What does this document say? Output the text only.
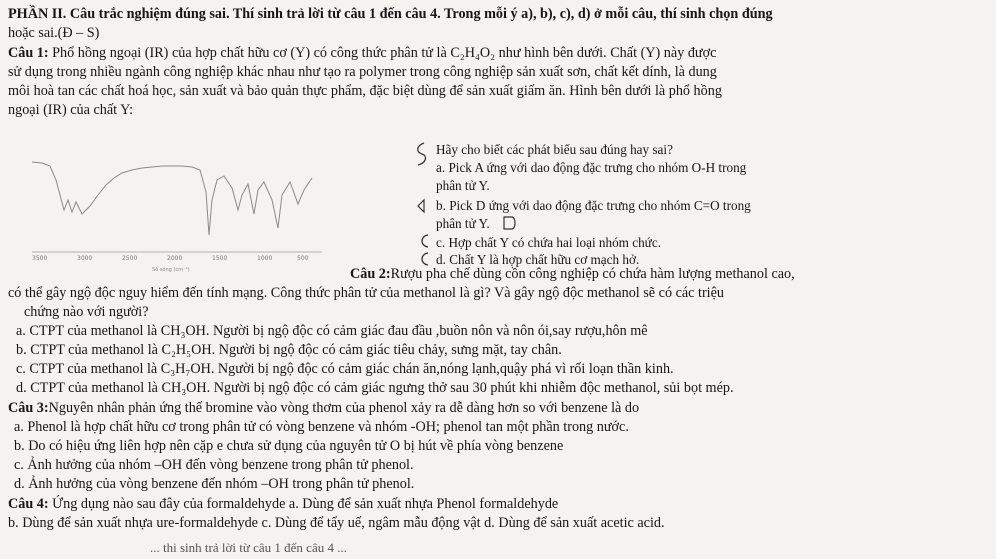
PHẦN II. Câu trắc nghiệm đúng sai. Thí sinh trả lời từ câu 1 đến câu 4. Trong mỗi ý a), b), c), d) ở mỗi câu, thí sinh chọn đúng
hoặc sai.(Đ – S)
Câu 1: Phổ hồng ngoại (IR) của hợp chất hữu cơ (Y) có công thức phân tử là C₂H₄O₂ như hình bên dưới. Chất (Y) này được
sử dụng trong nhiều ngành công nghiệp khác nhau như tạo ra polymer trong công nghiệp sản xuất sơn, chất kết dính, là dung
môi hoà tan các chất hoá học, sản xuất và bảo quản thực phẩm, đặc biệt dùng để sản xuất giấm ăn. Hình bên dưới là phổ hồng
ngoại (IR) của chất Y:
3500	3000	2500	2000	1500	1000	500
Số sóng (cm⁻¹)
Hãy cho biết các phát biểu sau đúng hay sai?
a. Pick A ứng với dao động đặc trưng cho nhóm O-H trong
phân tử Y.
b. Pick D ứng với dao động đặc trưng cho nhóm C=O trong
phân tử Y.
c. Hợp chất Y có chứa hai loại nhóm chức.
d. Chất Y là hợp chất hữu cơ mạch hở.
Câu 2:Rượu pha chế dùng cồn công nghiệp có chứa hàm lượng methanol cao,
có thể gây ngộ độc nguy hiểm đến tính mạng. Công thức phân tử của methanol là gì? Và gây ngộ độc methanol sẽ có các triệu
chứng nào với người?
a. CTPT của methanol là CH₃OH. Người bị ngộ độc có cảm giác đau đầu ,buồn nôn và nôn ói,say rượu,hôn mê
b. CTPT của methanol là C₂H₅OH. Người bị ngộ độc có cảm giác tiêu chảy, sưng mặt, tay chân.
c. CTPT của methanol là C₃H₇OH. Người bị ngộ độc có cảm giác chán ăn,nóng lạnh,quậy phá vì rối loạn thần kinh.
d. CTPT của methanol là CH₃OH. Người bị ngộ độc có cảm giác ngưng thở sau 30 phút khi nhiễm độc methanol, sủi bọt mép.
Câu 3:Nguyên nhân phản ứng thế bromine vào vòng thơm của phenol xảy ra dễ dàng hơn so với benzene là do
a. Phenol là hợp chất hữu cơ trong phân tử có vòng benzene và nhóm -OH; phenol tan một phần trong nước.
b. Do có hiệu ứng liên hợp nên cặp e chưa sử dụng của nguyên tử O bị hút về phía vòng benzene
c. Ảnh hưởng của nhóm –OH đến vòng benzene trong phân tử phenol.
d. Ảnh hưởng của vòng benzene đến nhóm –OH trong phân tử phenol.
Câu 4: Ứng dụng nào sau đây của formaldehyde a. Dùng để sản xuất nhựa Phenol formaldehyde
b. Dùng để sản xuất nhựa ure-formaldehyde c. Dùng để tẩy uế, ngâm mẫu động vật d. Dùng để sản xuất acetic acid.
... thi sinh trả lời từ câu 1 đến câu 4 ...
